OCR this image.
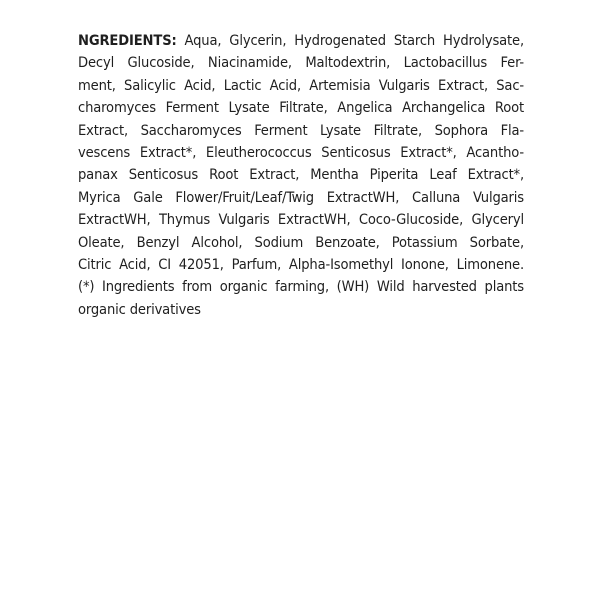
NGREDIENTS: Aqua, Glycerin, Hydrogenated Starch Hydrolysate,
Decyl Glucoside, Niacinamide, Maltodextrin, Lactobacillus Fer-
ment, Salicylic Acid, Lactic Acid, Artemisia Vulgaris Extract, Sac-
charomyces Ferment Lysate Filtrate, Angelica Archangelica Root
Extract, Saccharomyces Ferment Lysate Filtrate, Sophora Fla-
vescens Extract*, Eleutherococcus Senticosus Extract*, Acantho-
panax Senticosus Root Extract, Mentha Piperita Leaf Extract*,
Myrica Gale Flower/Fruit/Leaf/Twig ExtractWH, Calluna Vulgaris
ExtractWH, Thymus Vulgaris ExtractWH, Coco-Glucoside, Glyceryl
Oleate, Benzyl Alcohol, Sodium Benzoate, Potassium Sorbate,
Citric Acid, CI 42051, Parfum, Alpha-Isomethyl Ionone, Limonene.
(*) Ingredients from organic farming, (WH) Wild harvested plants
organic derivatives
